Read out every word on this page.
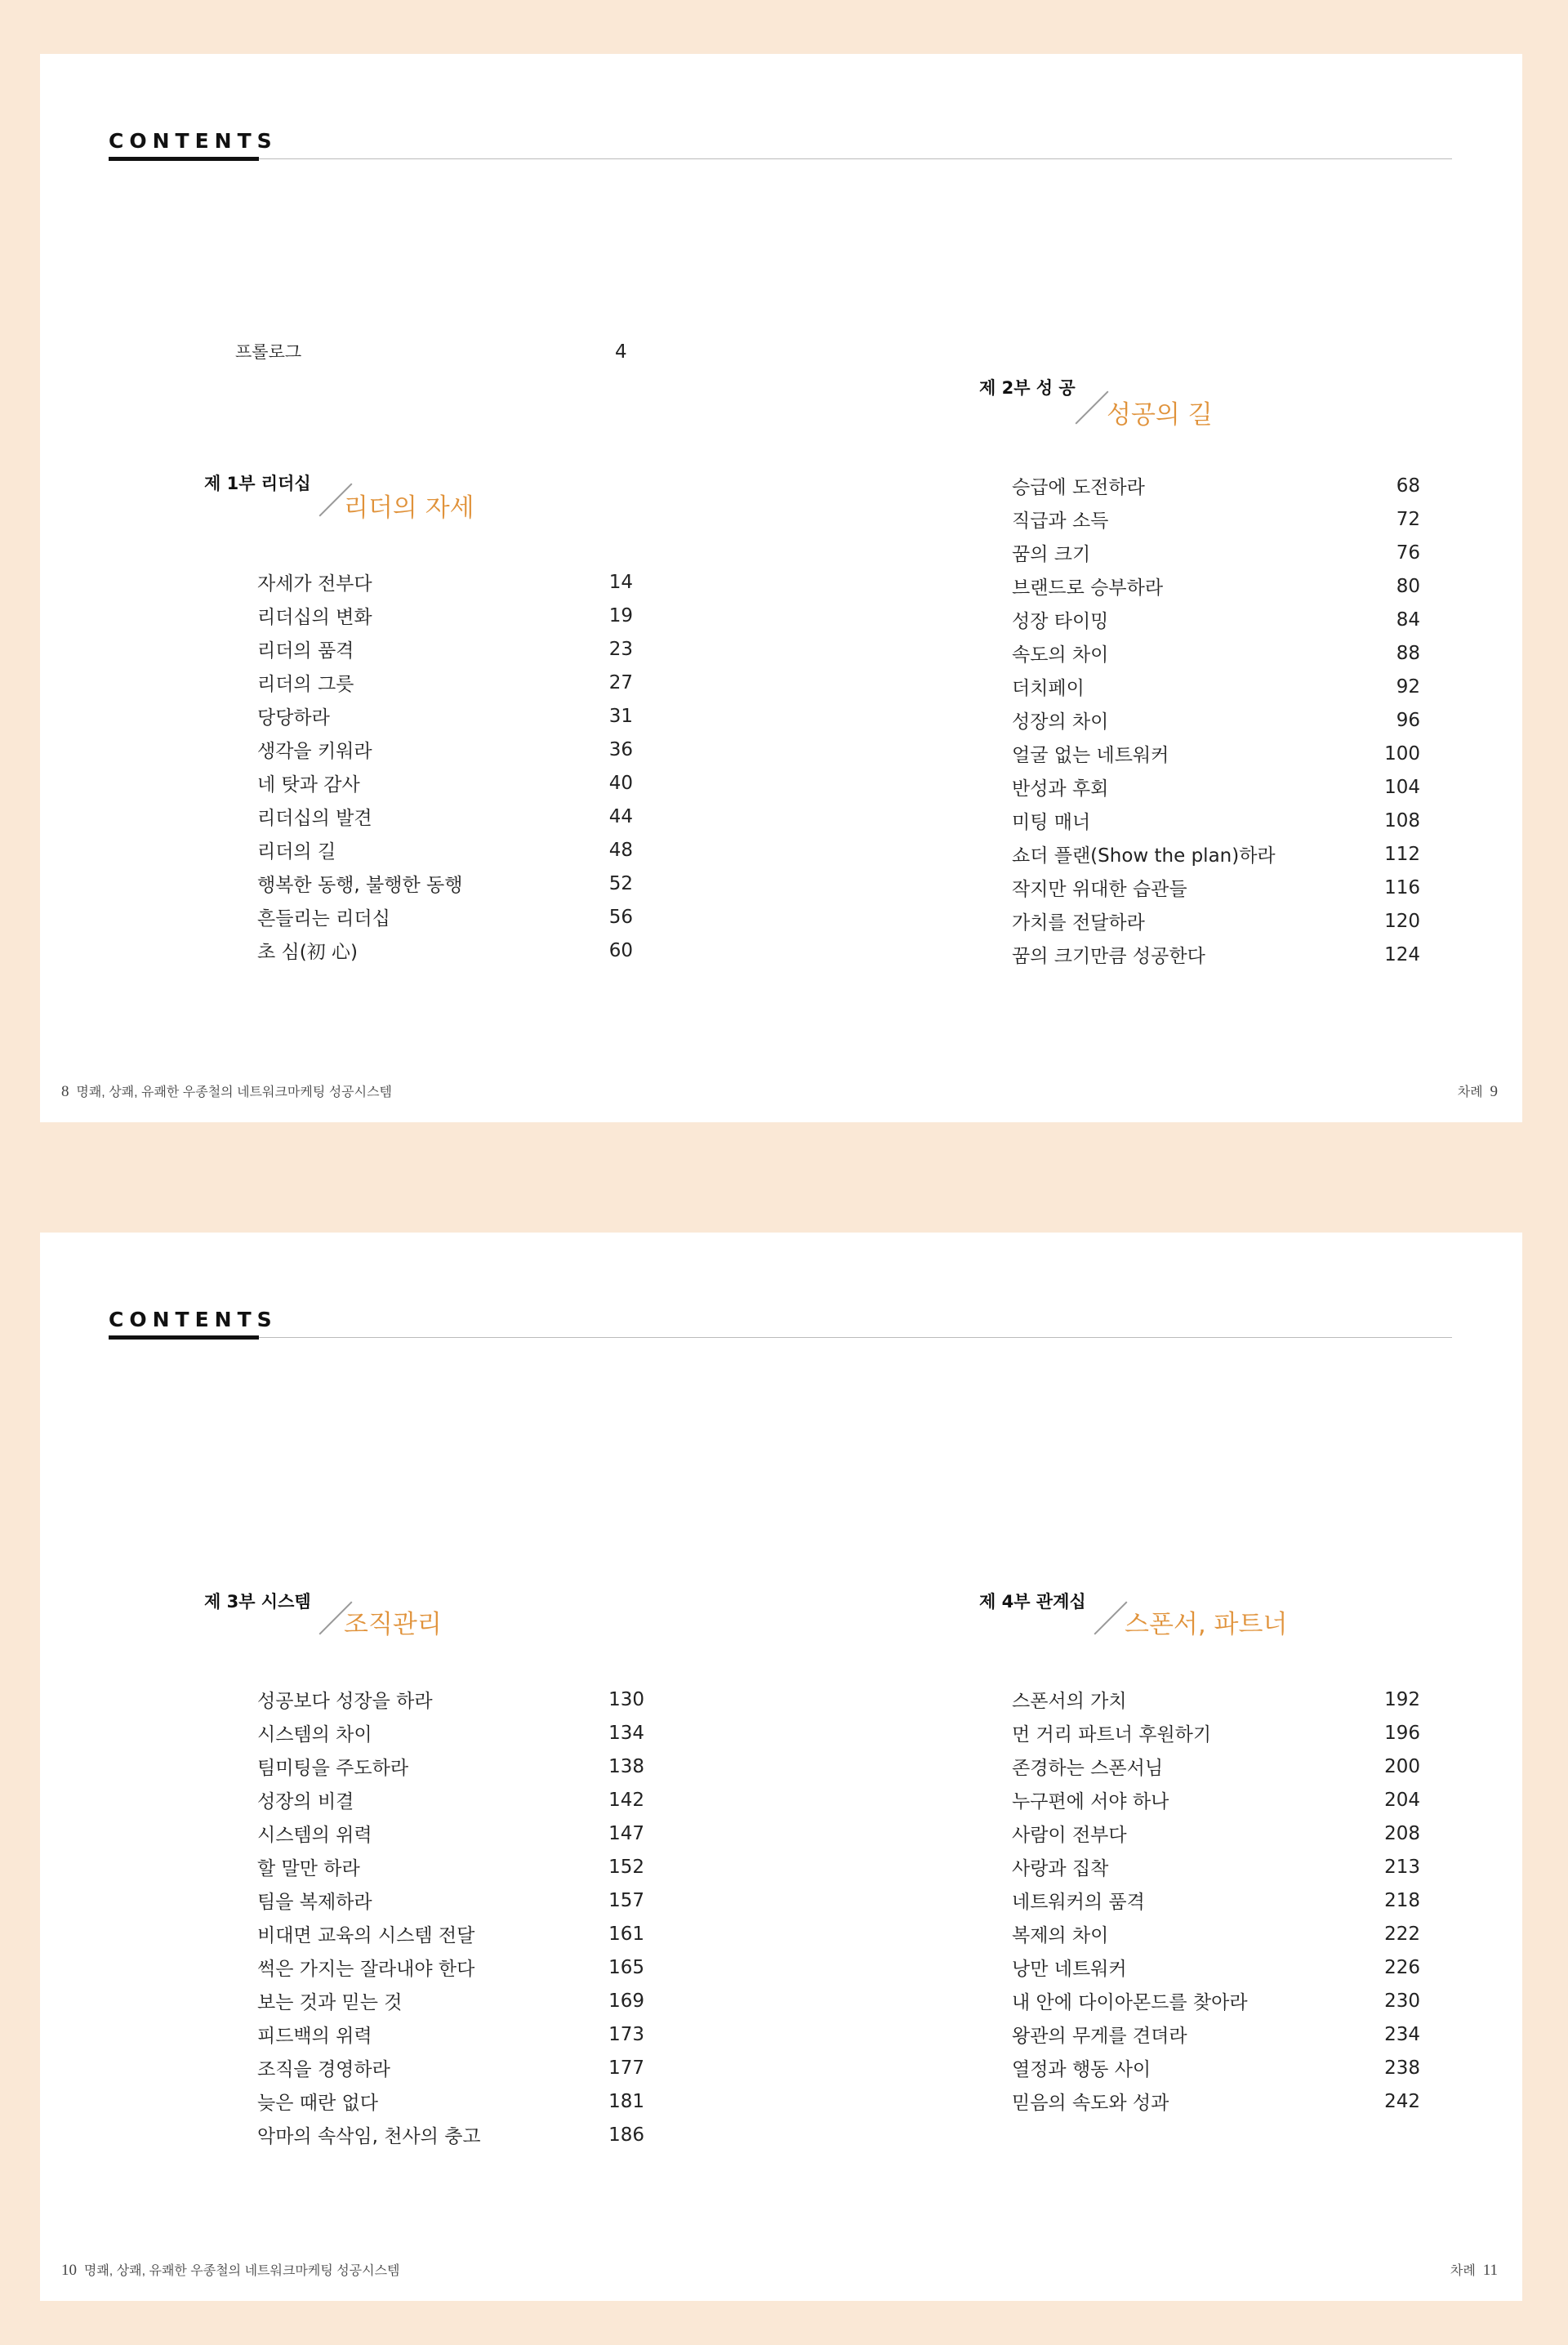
CONTENTS
프롤로그	4
제 1부 리더십
리더의 자세
자세가 전부다	14
리더십의 변화	19
리더의 품격	23
리더의 그릇	27
당당하라	31
생각을 키워라	36
네 탓과 감사	40
리더십의 발견	44
리더의 길	48
행복한 동행, 불행한 동행	52
흔들리는 리더십	56
초 심(初 心)	60
제 2부 성 공
성공의 길
승급에 도전하라	68
직급과 소득	72
꿈의 크기	76
브랜드로 승부하라	80
성장 타이밍	84
속도의 차이	88
더치페이	92
성장의 차이	96
얼굴 없는 네트워커	100
반성과 후회	104
미팅 매너	108
쇼더 플랜(Show the plan)하라	112
작지만 위대한 습관들	116
가치를 전달하라	120
꿈의 크기만큼 성공한다	124
8 명쾌, 상쾌, 유쾌한 우종철의 네트워크마케팅 성공시스템	차례 9
CONTENTS
제 3부 시스템
조직관리
성공보다 성장을 하라	130
시스템의 차이	134
팀미팅을 주도하라	138
성장의 비결	142
시스템의 위력	147
할 말만 하라	152
팀을 복제하라	157
비대면 교육의 시스템 전달	161
썩은 가지는 잘라내야 한다	165
보는 것과 믿는 것	169
피드백의 위력	173
조직을 경영하라	177
늦은 때란 없다	181
악마의 속삭임, 천사의 충고	186
제 4부 관계십
스폰서, 파트너
스폰서의 가치	192
먼 거리 파트너 후원하기	196
존경하는 스폰서님	200
누구편에 서야 하나	204
사람이 전부다	208
사랑과 집착	213
네트워커의 품격	218
복제의 차이	222
낭만 네트워커	226
내 안에 다이아몬드를 찾아라	230
왕관의 무게를 견뎌라	234
열정과 행동 사이	238
믿음의 속도와 성과	242
10 명쾌, 상쾌, 유쾌한 우종철의 네트워크마케팅 성공시스템	차례 11
